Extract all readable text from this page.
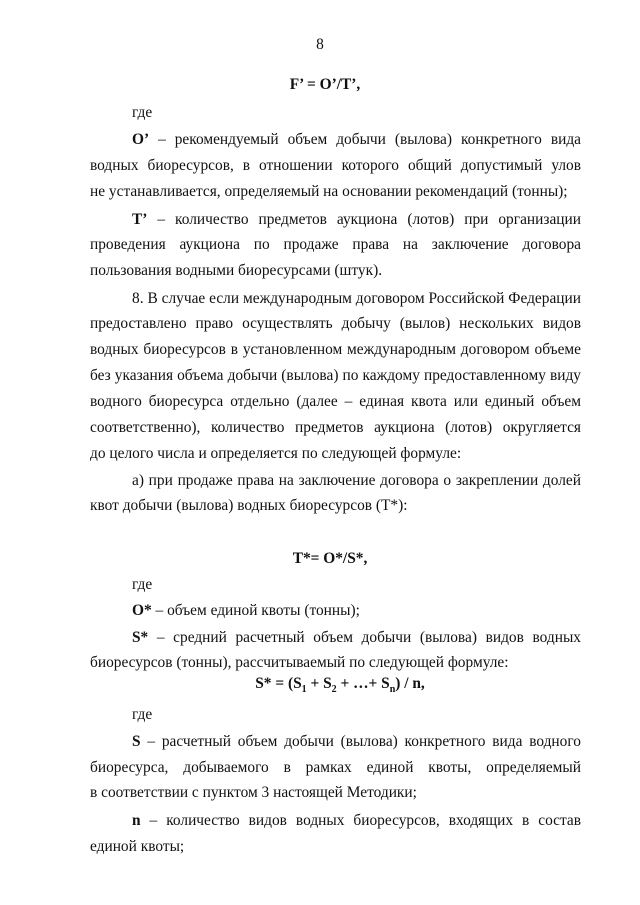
8
F’ = O’/T’,
где
O’ – рекомендуемый объем добычи (вылова) конкретного вида
водных биоресурсов, в отношении которого общий допустимый улов
не устанавливается, определяемый на основании рекомендаций (тонны);
T’ – количество предметов аукциона (лотов) при организации
проведения аукциона по продаже права на заключение договора
пользования водными биоресурсами (штук).
8. В случае если международным договором Российской Федерации
предоставлено право осуществлять добычу (вылов) нескольких видов
водных биоресурсов в установленном международным договором объеме
без указания объема добычи (вылова) по каждому предоставленному виду
водного биоресурса отдельно (далее – единая квота или единый объем
соответственно), количество предметов аукциона (лотов) округляется
до целого числа и определяется по следующей формуле:
а) при продаже права на заключение договора о закреплении долей
квот добычи (вылова) водных биоресурсов (T*):
T*= O*/S*,
где
O* – объем единой квоты (тонны);
S* – средний расчетный объем добычи (вылова) видов водных
биоресурсов (тонны), рассчитываемый по следующей формуле:
$S* = (S_1 + S_2$ + …+ $S_n$) / n,
где
S – расчетный объем добычи (вылова) конкретного вида водного
биоресурса, добываемого в рамках единой квоты, определяемый
в соответствии с пунктом 3 настоящей Методики;
n – количество видов водных биоресурсов, входящих в состав
единой квоты;
